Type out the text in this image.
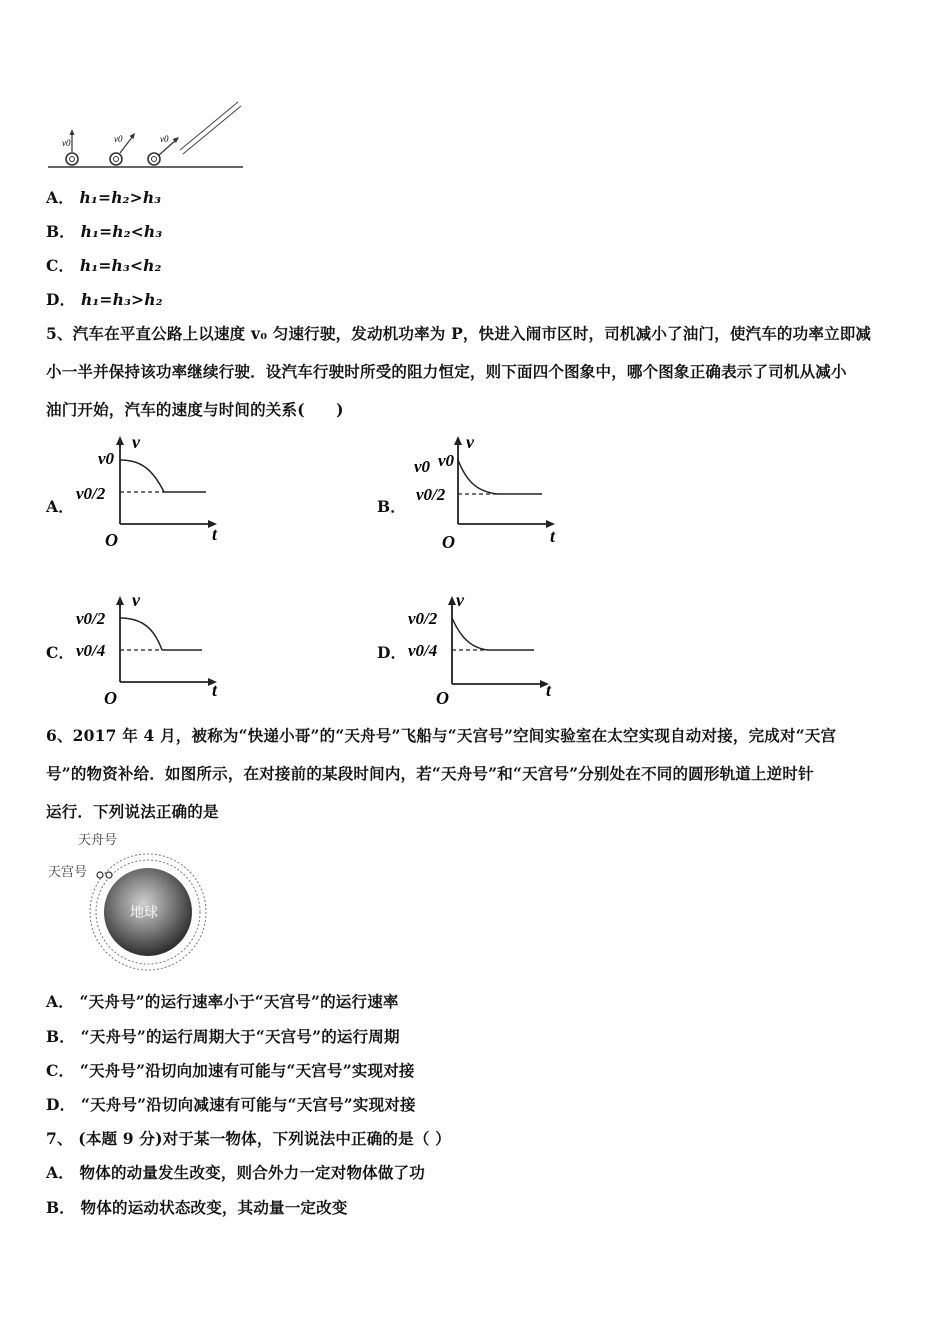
v0	v0	v0
A． h₁=h₂>h₃
B． h₁=h₂<h₃
C． h₁=h₃<h₂
D． h₁=h₃>h₂
5、汽车在平直公路上以速度 v₀ 匀速行驶，发动机功率为 P，快进入闹市区时，司机减小了油门，使汽车的功率立即减
小一半并保持该功率继续行驶．设汽车行驶时所受的阻力恒定，则下面四个图象中，哪个图象正确表示了司机从减小
油门开始，汽车的速度与时间的关系(　　)
A．
v
v0
v0/2
O	t
B．
v
v0 v0
v0/2
O	t
C．
v
v0/2
v0/4
O	t
D．
v
v0/2
v0/4
O	t
6、2017 年 4 月，被称为“快递小哥”的“天舟号”飞船与“天宫号”空间实验室在太空实现自动对接，完成对“天宫
号”的物资补给．如图所示，在对接前的某段时间内，若“天舟号”和“天宫号”分别处在不同的圆形轨道上逆时针
运行．下列说法正确的是
地球
天舟号
天宫号
A． “天舟号”的运行速率小于“天宫号”的运行速率
B． “天舟号”的运行周期大于“天宫号”的运行周期
C． “天舟号”沿切向加速有可能与“天宫号”实现对接
D． “天舟号”沿切向减速有可能与“天宫号”实现对接
7、 (本题 9 分)对于某一物体，下列说法中正确的是（ ）
A． 物体的动量发生改变，则合外力一定对物体做了功
B． 物体的运动状态改变，其动量一定改变
